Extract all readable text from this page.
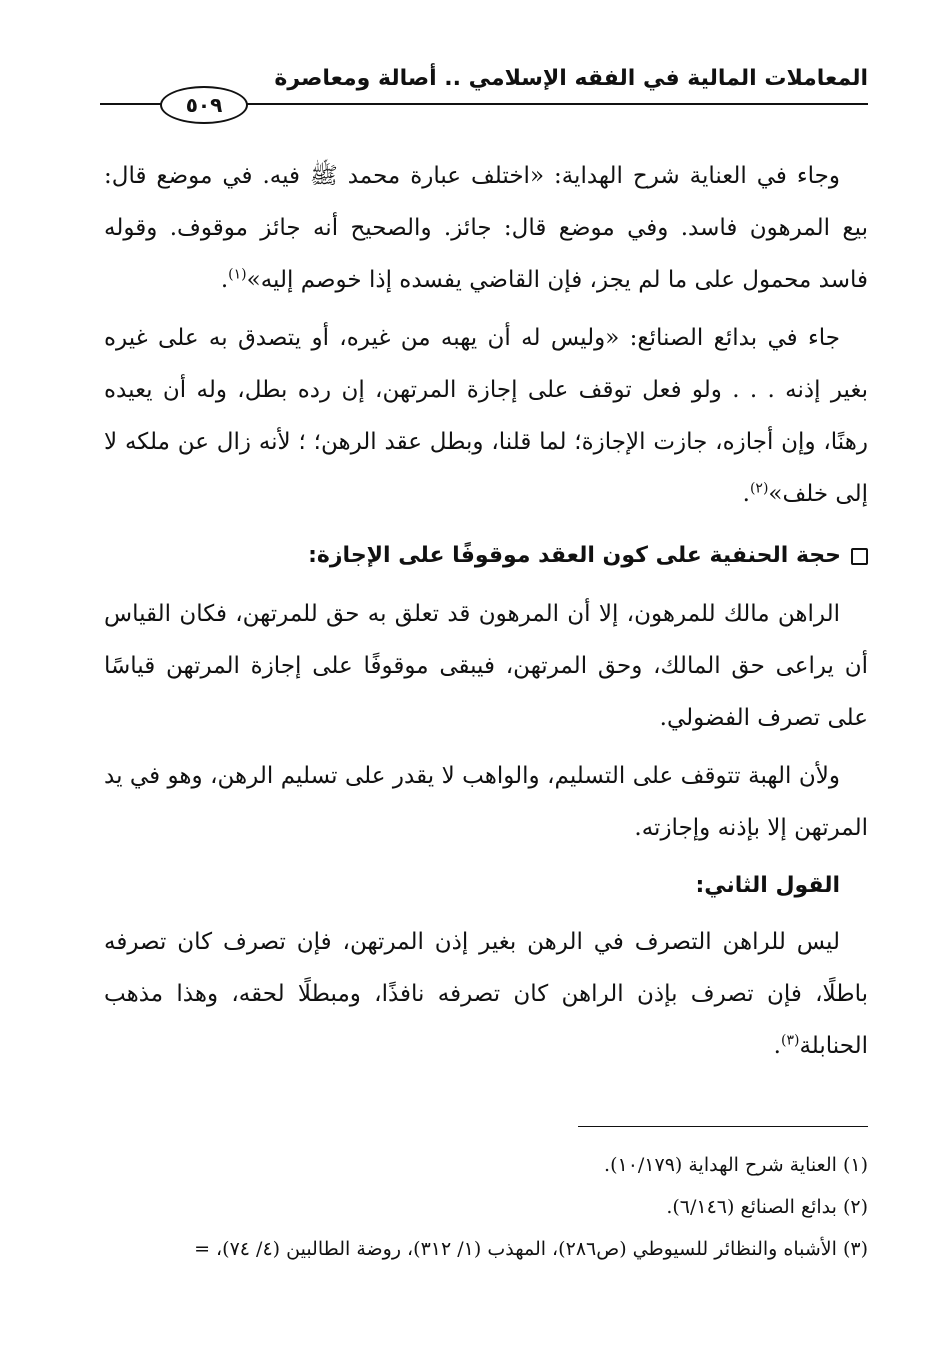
المعاملات المالية في الفقه الإسلامي .. أصالة ومعاصرة
٥٠٩

وجاء في العناية شرح الهداية: «اختلف عبارة محمد ﷺ فيه. في موضع قال: بيع المرهون فاسد. وفي موضع قال: جائز. والصحيح أنه جائز موقوف. وقوله فاسد محمول على ما لم يجز، فإن القاضي يفسده إذا خوصم إليه»$^{(١)}$.

جاء في بدائع الصنائع: «وليس له أن يهبه من غيره، أو يتصدق به على غيره بغير إذنه . . . ولو فعل توقف على إجازة المرتهن، إن رده بطل، وله أن يعيده رهنًا، وإن أجازه، جازت الإجازة؛ لما قلنا، وبطل عقد الرهن؛ ؛ لأنه زال عن ملكه لا إلى خلف»$^{(٢)}$.

حجة الحنفية على كون العقد موقوفًا على الإجازة:

الراهن مالك للمرهون، إلا أن المرهون قد تعلق به حق للمرتهن، فكان القياس أن يراعى حق المالك، وحق المرتهن، فيبقى موقوفًا على إجازة المرتهن قياسًا على تصرف الفضولي.

ولأن الهبة تتوقف على التسليم، والواهب لا يقدر على تسليم الرهن، وهو في يد المرتهن إلا بإذنه وإجازته.

القول الثاني:

ليس للراهن التصرف في الرهن بغير إذن المرتهن، فإن تصرف كان تصرفه باطلًا، فإن تصرف بإذن الراهن كان تصرفه نافذًا، ومبطلًا لحقه، وهذا مذهب الحنابلة$^{(٣)}$.

(١) العناية شرح الهداية (١٠/١٧٩).

(٢) بدائع الصنائع (٦/١٤٦).

(٣) الأشباه والنظائر للسيوطي (ص٢٨٦)، المهذب (١/ ٣١٢)، روضة الطالبين (٤/ ٧٤)، =
